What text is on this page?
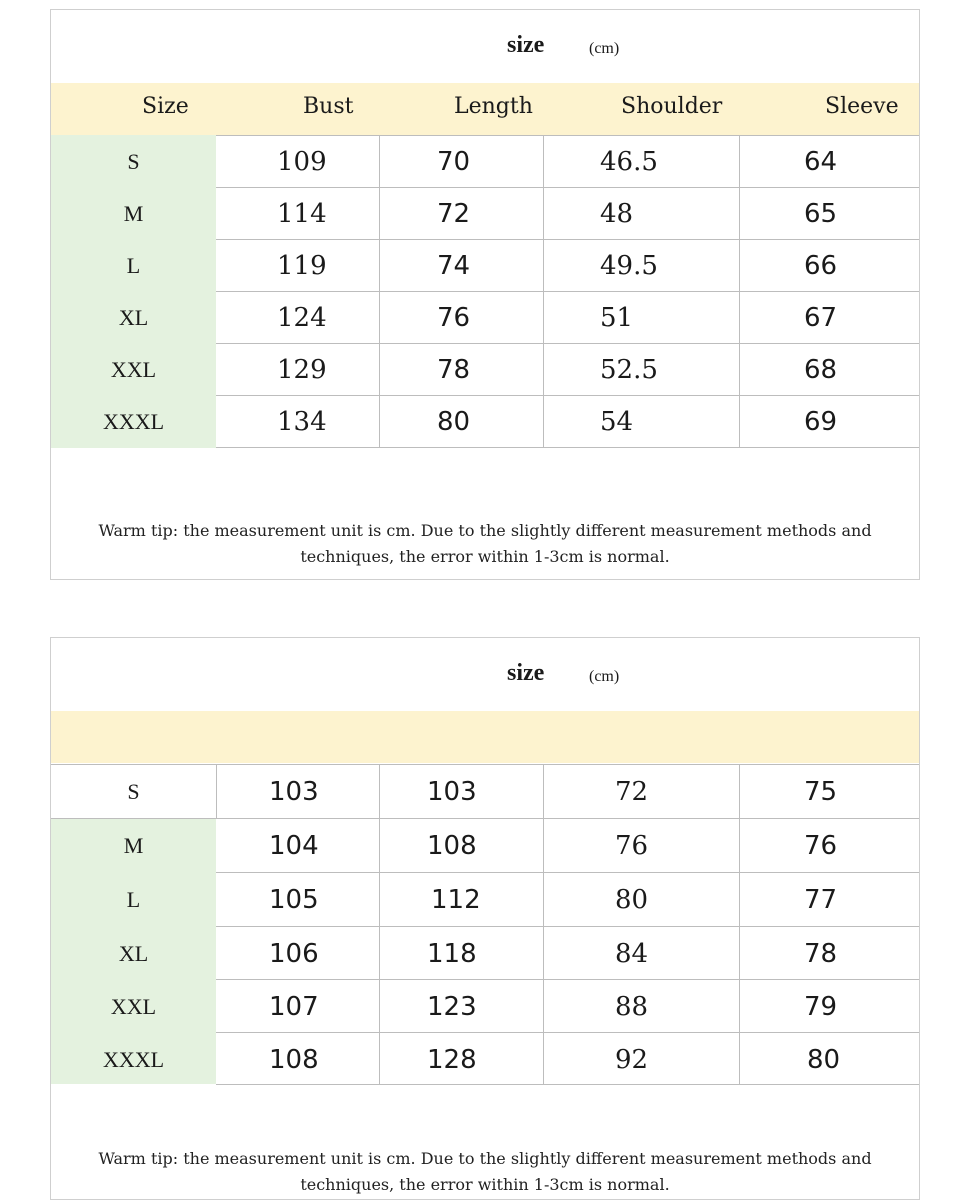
size	(cm)
Size	Bust	Length	Shoulder	Sleeve
S	109	70	46.5	64
M	114	72	48	65
L	119	74	49.5	66
XL	124	76	51	67
XXL	129	78	52.5	68
XXXL	134	80	54	69
Warm tip: the measurement unit is cm. Due to the slightly different measurement methods and
techniques, the error within 1-3cm is normal.
size	(cm)
S	103	103	72	75
M	104	108	76	76
L	105	112	80	77
XL	106	118	84	78
XXL	107	123	88	79
XXXL	108	128	92	80
Warm tip: the measurement unit is cm. Due to the slightly different measurement methods and
techniques, the error within 1-3cm is normal.
